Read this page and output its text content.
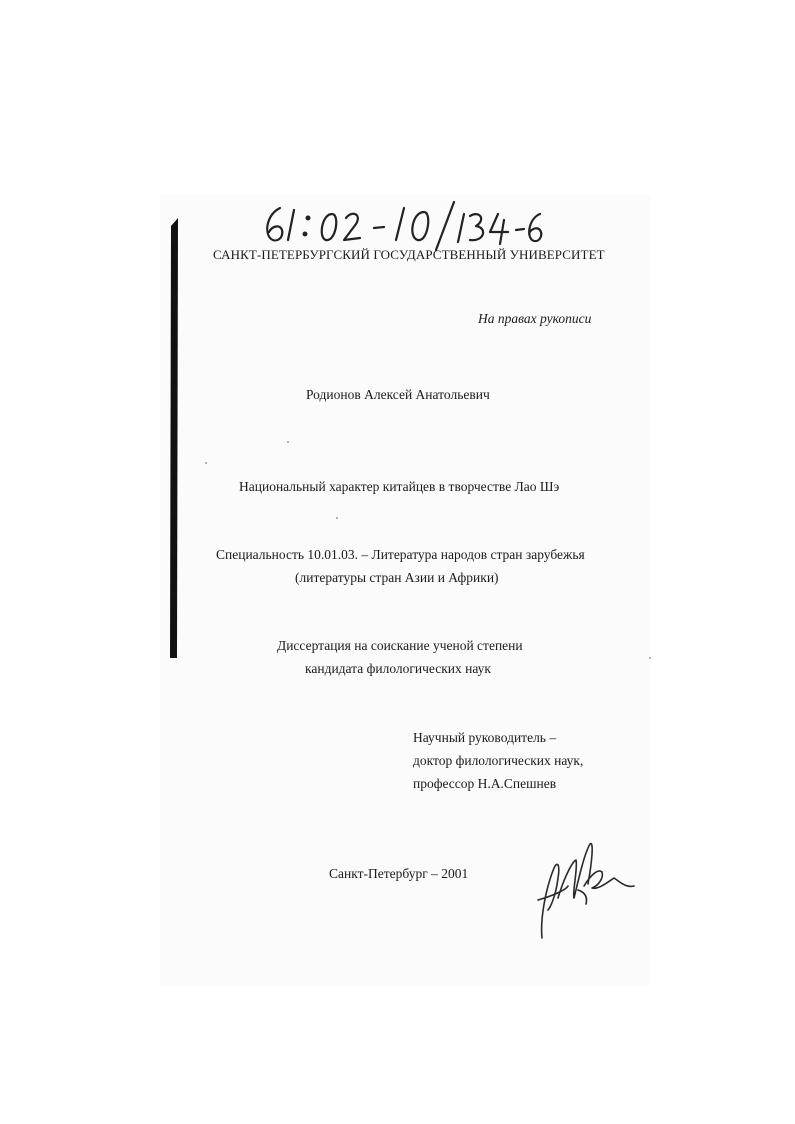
САНКТ-ПЕТЕРБУРГСКИЙ ГОСУДАРСТВЕННЫЙ УНИВЕРСИТЕТ
На правах рукописи
Родионов Алексей Анатольевич
Национальный характер китайцев в творчестве Лао Шэ
Специальность 10.01.03. – Литература народов стран зарубежья
(литературы стран Азии и Африки)
Диссертация на соискание ученой степени
кандидата филологических наук
Научный руководитель –
доктор филологических наук,
профессор Н.А.Спешнев
Санкт-Петербург – 2001
